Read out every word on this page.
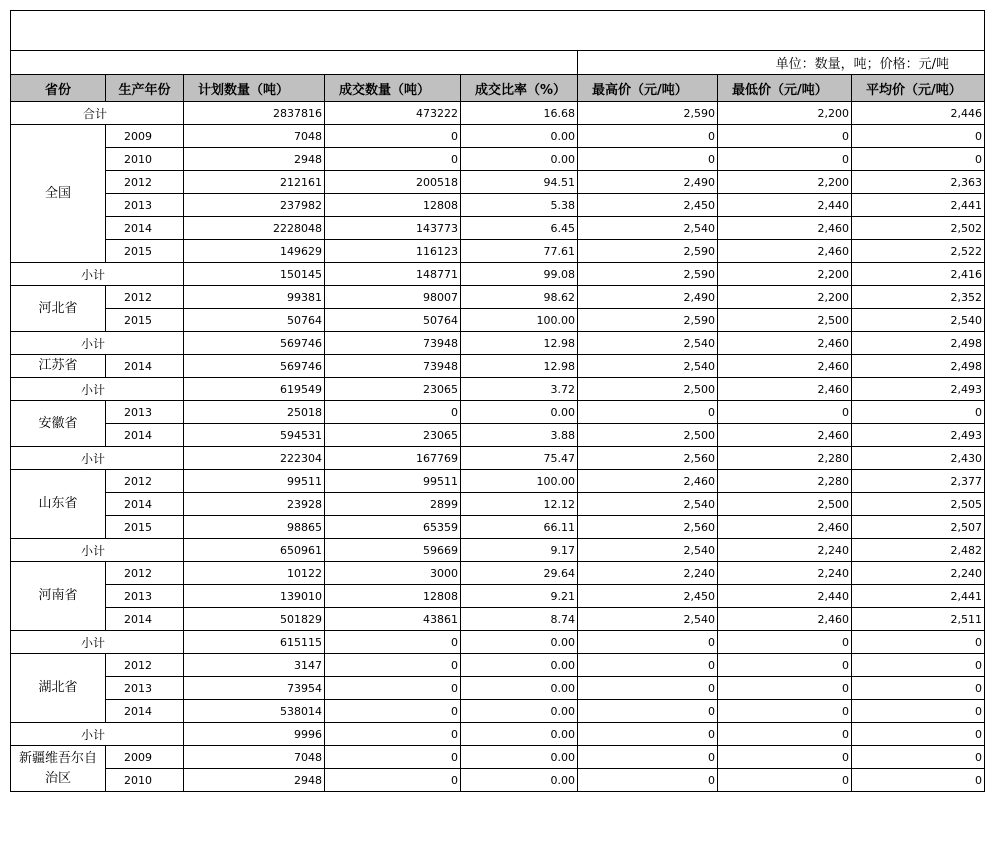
					单位：数量，吨；价格：元/吨		
省份	生产年份	计划数量（吨）	成交数量（吨）	成交比率（%）	最高价（元/吨）	最低价（元/吨）	平均价（元/吨）
合计		2837816	473222	16.68	2,590	2,200	2,446
全国	2009	7048	0	0.00	0	0	0
	2010	2948	0	0.00	0	0	0
	2012	212161	200518	94.51	2,490	2,200	2,363
	2013	237982	12808	5.38	2,450	2,440	2,441
	2014	2228048	143773	6.45	2,540	2,460	2,502
	2015	149629	116123	77.61	2,590	2,460	2,522
小计		150145	148771	99.08	2,590	2,200	2,416
河北省	2012	99381	98007	98.62	2,490	2,200	2,352
	2015	50764	50764	100.00	2,590	2,500	2,540
小计		569746	73948	12.98	2,540	2,460	2,498
江苏省	2014	569746	73948	12.98	2,540	2,460	2,498
小计		619549	23065	3.72	2,500	2,460	2,493
安徽省	2013	25018	0	0.00	0	0	0
	2014	594531	23065	3.88	2,500	2,460	2,493
小计		222304	167769	75.47	2,560	2,280	2,430
山东省	2012	99511	99511	100.00	2,460	2,280	2,377
	2014	23928	2899	12.12	2,540	2,500	2,505
	2015	98865	65359	66.11	2,560	2,460	2,507
小计		650961	59669	9.17	2,540	2,240	2,482
河南省	2012	10122	3000	29.64	2,240	2,240	2,240
	2013	139010	12808	9.21	2,450	2,440	2,441
	2014	501829	43861	8.74	2,540	2,460	2,511
小计		615115	0	0.00	0	0	0
湖北省	2012	3147	0	0.00	0	0	0
	2013	73954	0	0.00	0	0	0
	2014	538014	0	0.00	0	0	0
小计		9996	0	0.00	0	0	0
新疆维吾尔自治区	2009	7048	0	0.00	0	0	0
	2010	2948	0	0.00	0	0	0
